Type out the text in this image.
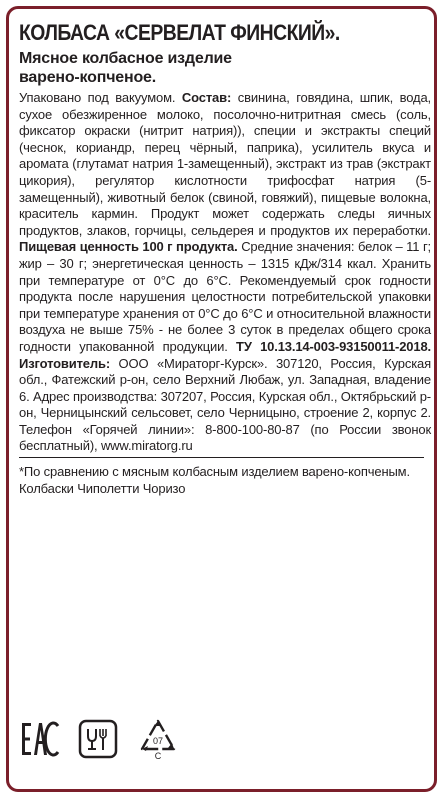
КОЛБАСА «СЕРВЕЛАТ ФИНСКИЙ».
Мясное колбасное изделие
варено-копченое.
Упаковано под вакуумом. Состав: свинина, говядина, шпик, вода, сухое обезжиренное молоко, посолочно-нитритная смесь (соль, фиксатор окраски (нитрит натрия)), специи и экстракты специй (чеснок, кориандр, перец чёрный, паприка), усилитель вкуса и аромата (глутамат натрия 1-замещенный), экстракт из трав (экстракт цикория), регулятор кислотности трифосфат натрия (5-замещенный), животный белок (свиной, говяжий), пищевые волокна, краситель кармин. Продукт может содержать следы яичных продуктов, злаков, горчицы, сельдерея и продуктов их переработки. Пищевая ценность 100 г продукта. Средние значения: белок – 11 г; жир – 30 г; энергетическая ценность – 1315 кДж/314 ккал. Хранить при температуре от 0°С до 6°С. Рекомендуемый срок годности продукта после нарушения целостности потребительской упаковки при температуре хранения от 0°С до 6°С и относительной влажности воздуха не выше 75% - не более 3 суток в пределах общего срока годности упакованной продукции. ТУ 10.13.14-003-93150011-2018. Изготовитель: ООО «Мираторг-Курск». 307120, Россия, Курская обл., Фатежский р-он, село Верхний Любаж, ул. Западная, владение 6. Адрес производства: 307207, Россия, Курская обл., Октябрьский р-он, Черницынский сельсовет, село Черницыно, строение 2, корпус 2. Телефон «Горячей линии»: 8-800-100-80-87 (по России звонок бесплатный), www.miratorg.ru
*По сравнению с мясным колбасным изделием варено-копченым. Колбаски Чиполетти Чоризо
07
C
